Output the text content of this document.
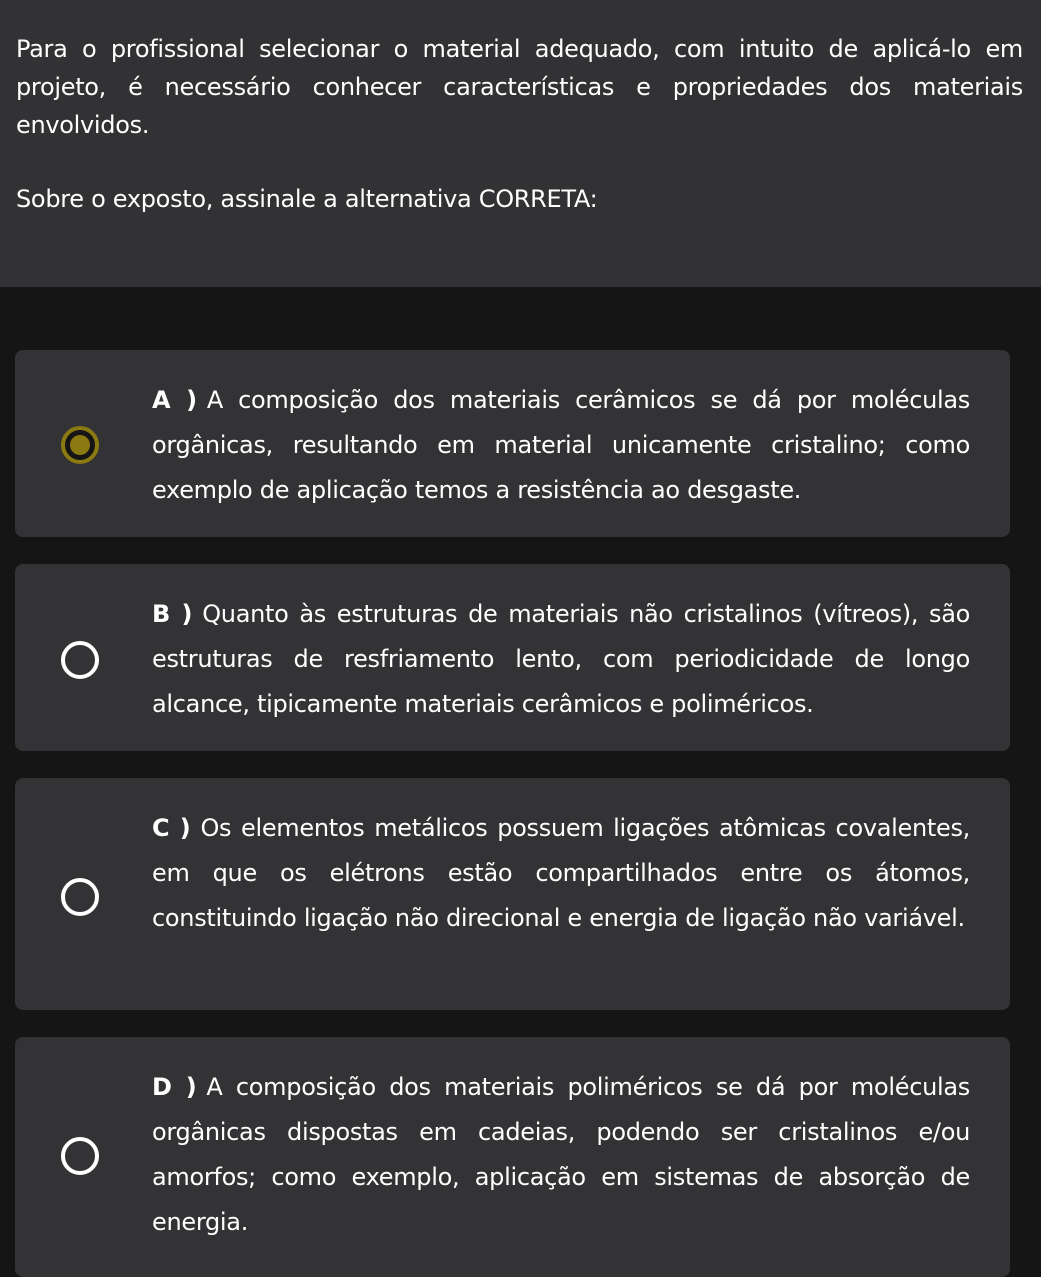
Para o profissional selecionar o material adequado, com intuito de aplicá-lo em projeto, é necessário conhecer características e propriedades dos materiais envolvidos.

Sobre o exposto, assinale a alternativa CORRETA:

A ) A composição dos materiais cerâmicos se dá por moléculas orgânicas, resultando em material unicamente cristalino; como exemplo de aplicação temos a resistência ao desgaste.

B ) Quanto às estruturas de materiais não cristalinos (vítreos), são estruturas de resfriamento lento, com periodicidade de longo alcance, tipicamente materiais cerâmicos e poliméricos.

C ) Os elementos metálicos possuem ligações atômicas covalentes, em que os elétrons estão compartilhados entre os átomos, constituindo ligação não direcional e energia de ligação não variável.

D ) A composição dos materiais poliméricos se dá por moléculas orgânicas dispostas em cadeias, podendo ser cristalinos e/ou amorfos; como exemplo, aplicação em sistemas de absorção de energia.
